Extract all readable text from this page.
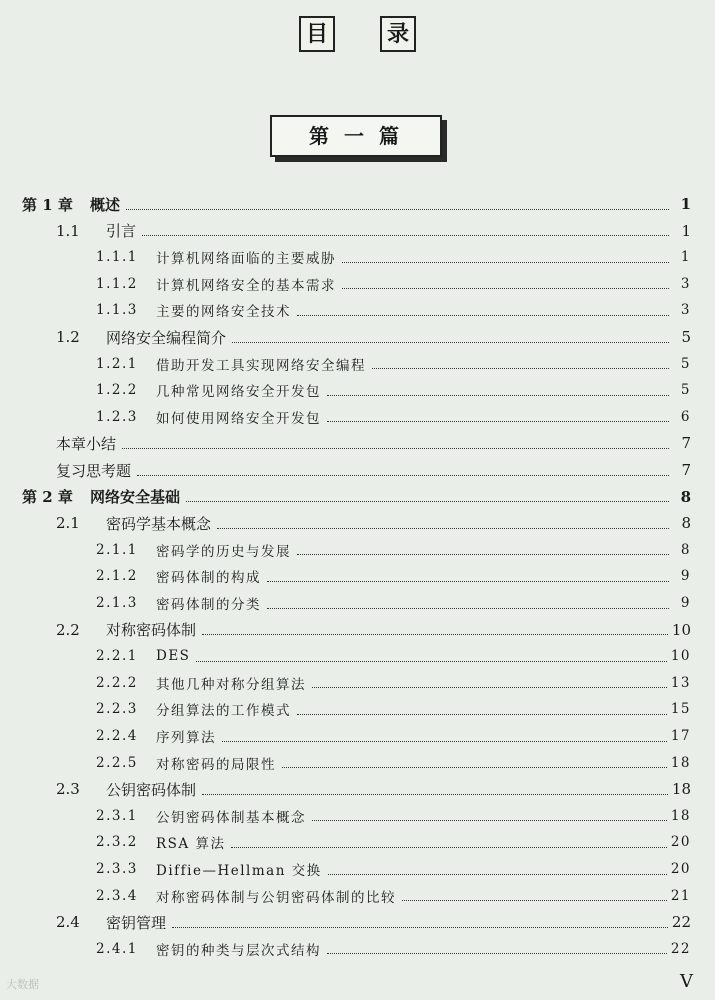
目	录
第 一 篇
第 1 章	概述	1
1.1	引言	1
1.1.1	计算机网络面临的主要威胁	1
1.1.2	计算机网络安全的基本需求	3
1.1.3	主要的网络安全技术	3
1.2	网络安全编程简介	5
1.2.1	借助开发工具实现网络安全编程	5
1.2.2	几种常见网络安全开发包	5
1.2.3	如何使用网络安全开发包	6
本章小结	7
复习思考题	7
第 2 章	网络安全基础	8
2.1	密码学基本概念	8
2.1.1	密码学的历史与发展	8
2.1.2	密码体制的构成	9
2.1.3	密码体制的分类	9
2.2	对称密码体制	10
2.2.1	DES	10
2.2.2	其他几种对称分组算法	13
2.2.3	分组算法的工作模式	15
2.2.4	序列算法	17
2.2.5	对称密码的局限性	18
2.3	公钥密码体制	18
2.3.1	公钥密码体制基本概念	18
2.3.2	RSA 算法	20
2.3.3	Diffie—Hellman 交换	20
2.3.4	对称密码体制与公钥密码体制的比较	21
2.4	密钥管理	22
2.4.1	密钥的种类与层次式结构	22
V
大数据
